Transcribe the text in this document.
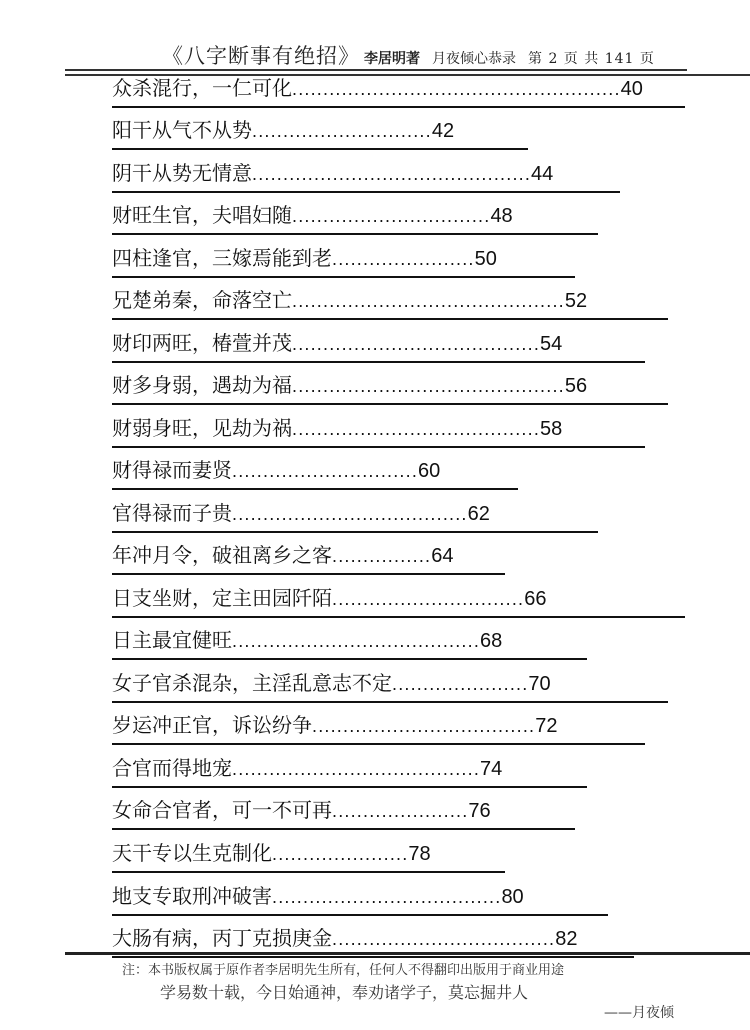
《八字断事有绝招》 李居明著 月夜倾心恭录 第 2 页 共 141 页
众杀混行，一仁可化.....................................................40
阳干从气不从势.............................42
阴干从势无情意.............................................44
财旺生官，夫唱妇随................................48
四柱逢官，三嫁焉能到老.......................50
兄楚弟秦，命落空亡............................................52
财印两旺，椿萱并茂........................................54
财多身弱，遇劫为福............................................56
财弱身旺，见劫为祸........................................58
财得禄而妻贤..............................60
官得禄而子贵......................................62
年冲月令，破祖离乡之客................64
日支坐财，定主田园阡陌...............................66
日主最宜健旺........................................68
女子官杀混杂，主淫乱意志不定......................70
岁运冲正官，诉讼纷争....................................72
合官而得地宠........................................74
女命合官者，可一不可再......................76
天干专以生克制化......................78
地支专取刑冲破害.....................................80
大肠有病，丙丁克损庚金....................................82
注：本书版权属于原作者李居明先生所有，任何人不得翻印出版用于商业用途
学易数十载，今日始通神，奉劝诸学子，莫忘掘井人
——月夜倾
